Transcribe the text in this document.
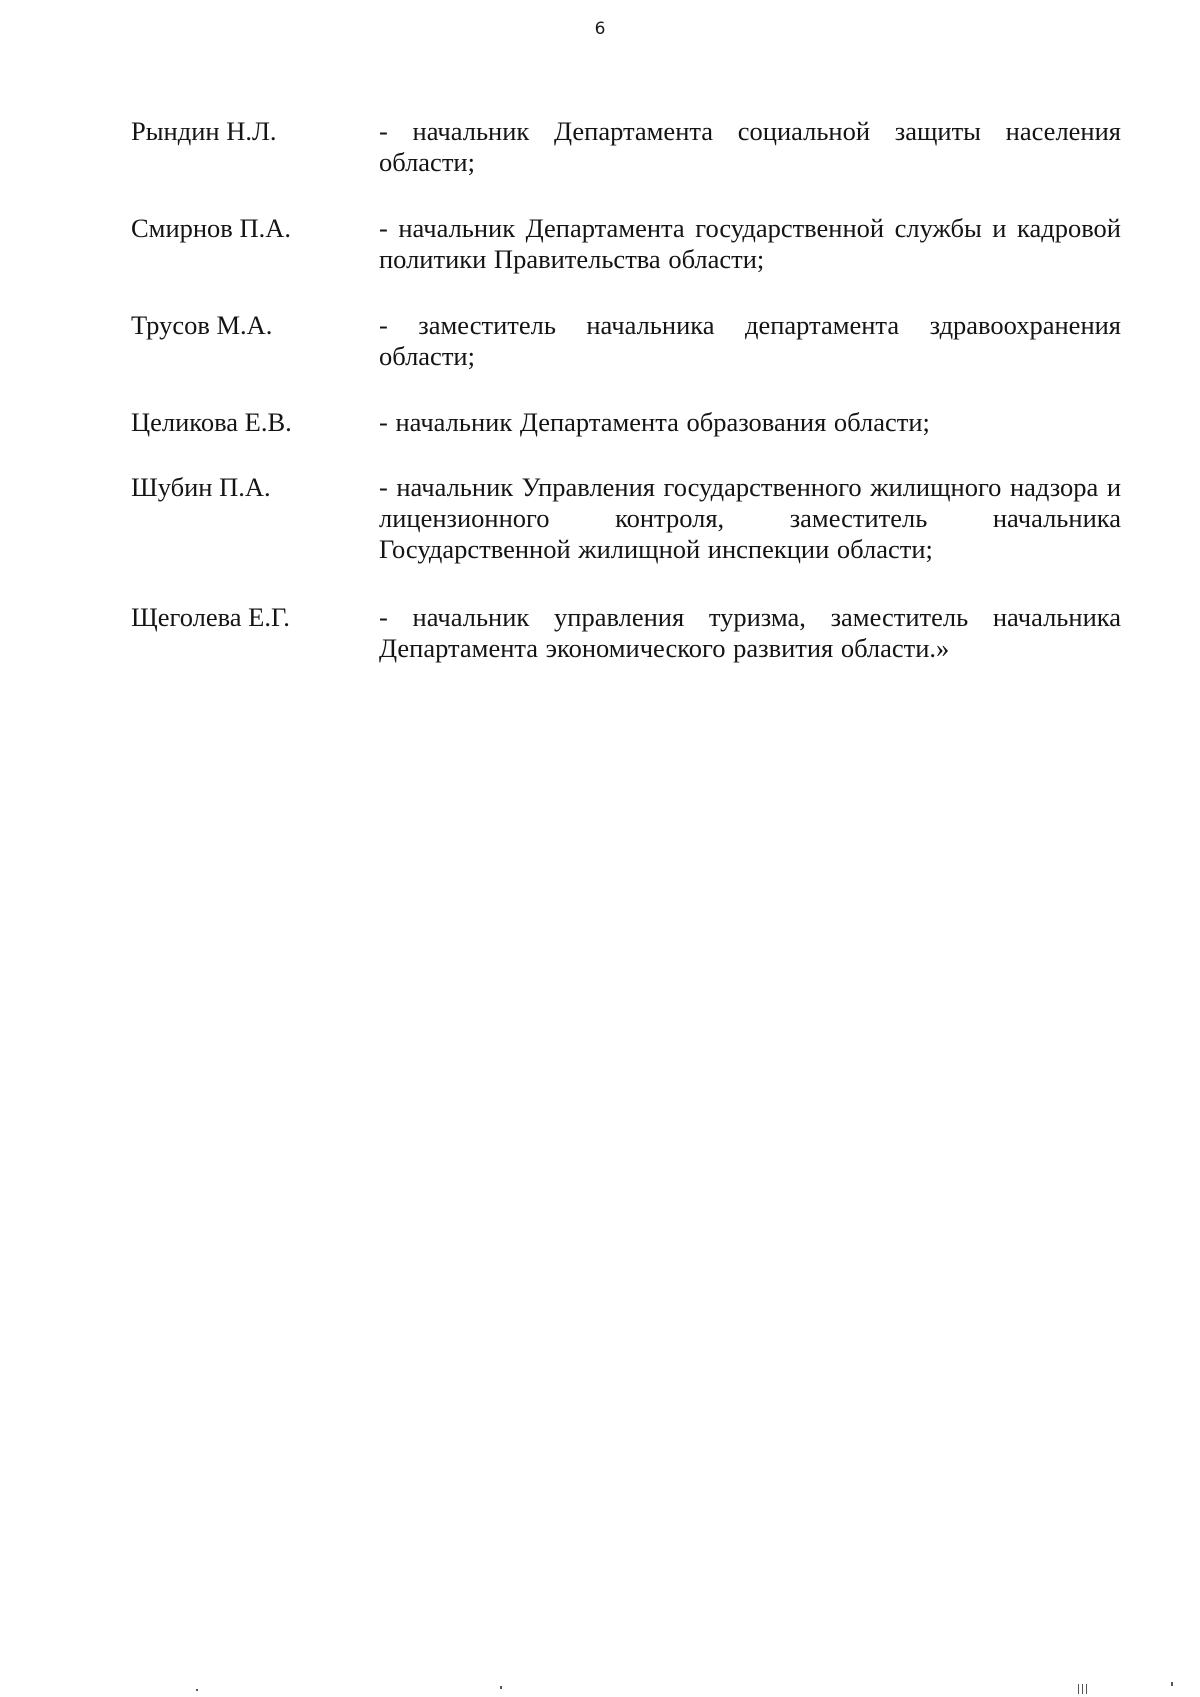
6
Рындин Н.Л.	- начальник Департамента социальной защиты населения области;
Смирнов П.А.	- начальник Департамента государственной службы и кадровой политики Правительства области;
Трусов М.А.	- заместитель начальника департамента здравоохранения области;
Целикова Е.В.	- начальник Департамента образования области;
Шубин П.А.	- начальник Управления государственного жилищного надзора и лицензионного контроля, заместитель начальника Государственной жилищной инспекции области;
Щеголева Е.Г.	- начальник управления туризма, заместитель начальника Департамента экономического развития области.»
